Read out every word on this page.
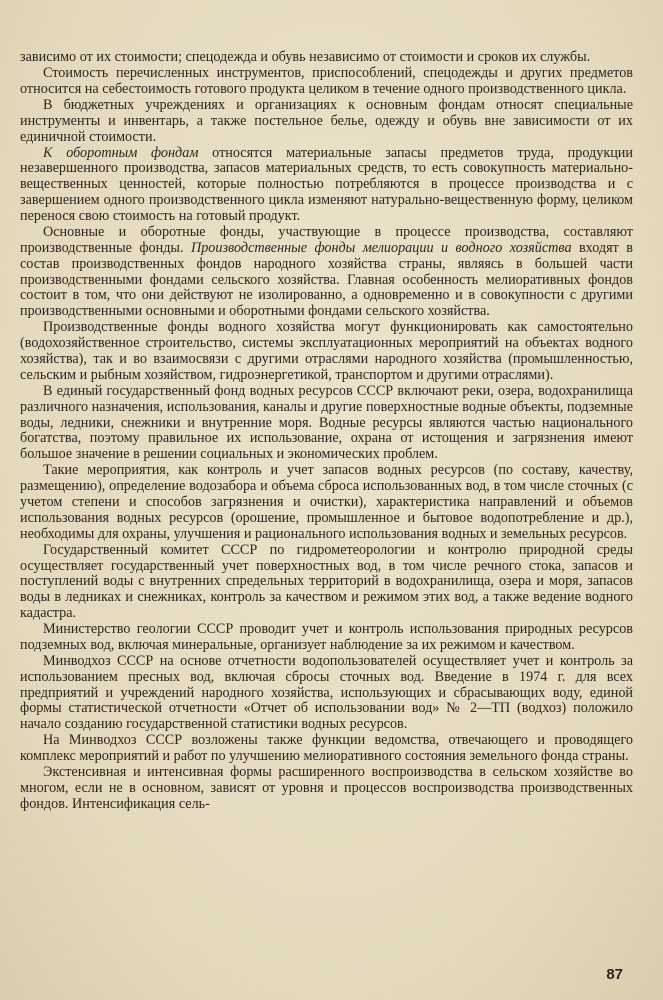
зависимо от их стоимости; спецодежда и обувь независимо от стоимости и сроков их службы.

Стоимость перечисленных инструментов, приспособлений, спецодежды и других предметов относится на себестоимость готового продукта целиком в течение одного производственного цикла.

В бюджетных учреждениях и организациях к основным фондам относят специальные инструменты и инвентарь, а также постельное белье, одежду и обувь вне зависимости от их единичной стоимости.

К оборотным фондам относятся материальные запасы предметов труда, продукции незавершенного производства, запасов материальных средств, то есть совокупность материально-вещественных ценностей, которые полностью потребляются в процессе производства и с завершением одного производственного цикла изменяют натурально-вещественную форму, целиком перенося свою стоимость на готовый продукт.

Основные и оборотные фонды, участвующие в процессе производства, составляют производственные фонды. Производственные фонды мелиорации и водного хозяйства входят в состав производственных фондов народного хозяйства страны, являясь в большей части производственными фондами сельского хозяйства. Главная особенность мелиоративных фондов состоит в том, что они действуют не изолированно, а одновременно и в совокупности с другими производственными основными и оборотными фондами сельского хозяйства.

Производственные фонды водного хозяйства могут функционировать как самостоятельно (водохозяйственное строительство, системы эксплуатационных мероприятий на объектах водного хозяйства), так и во взаимосвязи с другими отраслями народного хозяйства (промышленностью, сельским и рыбным хозяйством, гидроэнергетикой, транспортом и другими отраслями).

В единый государственный фонд водных ресурсов СССР включают реки, озера, водохранилища различного назначения, использования, каналы и другие поверхностные водные объекты, подземные воды, ледники, снежники и внутренние моря. Водные ресурсы являются частью национального богатства, поэтому правильное их использование, охрана от истощения и загрязнения имеют большое значение в решении социальных и экономических проблем.

Такие мероприятия, как контроль и учет запасов водных ресурсов (по составу, качеству, размещению), определение водозабора и объема сброса использованных вод, в том числе сточных (с учетом степени и способов загрязнения и очистки), характеристика направлений и объемов использования водных ресурсов (орошение, промышленное и бытовое водопотребление и др.), необходимы для охраны, улучшения и рационального использования водных и земельных ресурсов.

Государственный комитет СССР по гидрометеорологии и контролю природной среды осуществляет государственный учет поверхностных вод, в том числе речного стока, запасов и поступлений воды с внутренних спредельных территорий в водохранилища, озера и моря, запасов воды в ледниках и снежниках, контроль за качеством и режимом этих вод, а также ведение водного кадастра.

Министерство геологии СССР проводит учет и контроль использования природных ресурсов подземных вод, включая минеральные, организует наблюдение за их режимом и качеством.

Минводхоз СССР на основе отчетности водопользователей осуществляет учет и контроль за использованием пресных вод, включая сбросы сточных вод. Введение в 1974 г. для всех предприятий и учреждений народного хозяйства, использующих и сбрасывающих воду, единой формы статистической отчетности «Отчет об использовании вод» № 2—ТП (водхоз) положило начало созданию государственной статистики водных ресурсов.

На Минводхоз СССР возложены также функции ведомства, отвечающего и проводящего комплекс мероприятий и работ по улучшению мелиоративного состояния земельного фонда страны.

Экстенсивная и интенсивная формы расширенного воспроизводства в сельском хозяйстве во многом, если не в основном, зависят от уровня и процессов воспроизводства производственных фондов. Интенсификация сель-

87
